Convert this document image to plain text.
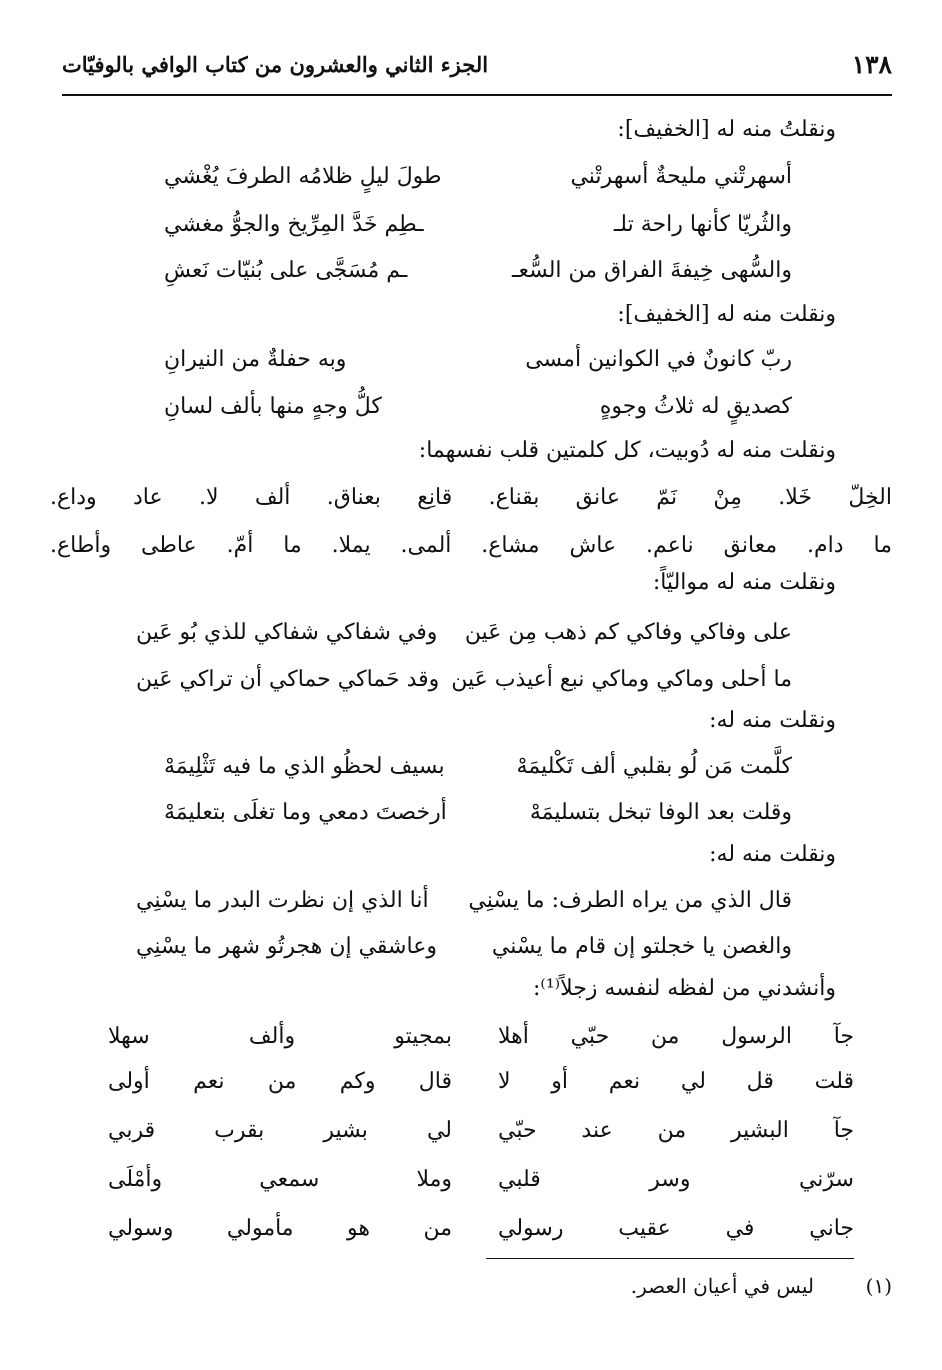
١٣٨
الجزء الثاني والعشرون من كتاب الوافي بالوفيّات
ونقلتُ منه له [الخفيف]:
أسهرتْني مليحةٌ أسهرتْني
طولَ ليلٍ ظلامُه الطرفَ يُغْشي
والثُريّا كأنها راحة تلـ
ـطِم خَدَّ المِرِّيخ والجوُّ مغشي
والسُّهى خِيفةَ الفراق من السُّعـ
ـم مُسَجَّى على بُنيّات نَعشِ
ونقلت منه له [الخفيف]:
ربّ كانونٌ في الكوانين أمسى
وبه حفلةٌ من النيرانِ
كصديقٍ له ثلاثُ وجوهٍ
كلُّ وجهٍ منها بألف لسانِ
ونقلت منه له دُوبيت، كل كلمتين قلب نفسهما:
الخِلّ خَلا. مِنْ نَمّ عانق بقناع. قانِع بعناق. ألف لا. عاد وداع.
ما دام. معانق ناعم. عاش مشاع. ألمى. يملا. ما أمّ. عاطى وأطاع.
ونقلت منه له مواليّاً:
على وفاكي وفاكي كم ذهب مِن عَين
وفي شفاكي شفاكي للذي بُو عَين
ما أحلى وماكي وماكي نبع أعيذب عَين
وقد حَماكي حماكي أن تراكي عَين
ونقلت منه له:
كلَّمت مَن لُو بقلبي ألف تَكْليمَهْ
بسيف لحظُو الذي ما فيه تَثْلِيمَهْ
وقلت بعد الوفا تبخل بتسليمَهْ
أرخصتَ دمعي وما تغلَى بتعليمَهْ
ونقلت منه له:
قال الذي من يراه الطرف: ما يسْنِي
أنا الذي إن نظرت البدر ما يسْنِي
والغصن يا خجلتو إن قام ما يسْني
وعاشقي إن هجرتُو شهر ما يسْنِي
وأنشدني من لفظه لنفسه زجلاً⁽¹⁾:
جآ الرسول من حبّي أهلا
بمجيتو وألف سهلا
قلت قل لي نعم أو لا
قال وكم من نعم أولى
جآ البشير من عند حبّي
لي بشير بقرب قربي
سرّني وسر قلبي
وملا سمعي وأمْلَى
جاني في عقيب رسولي
من هو مأمولي وسولي
(١)
ليس في أعيان العصر.
